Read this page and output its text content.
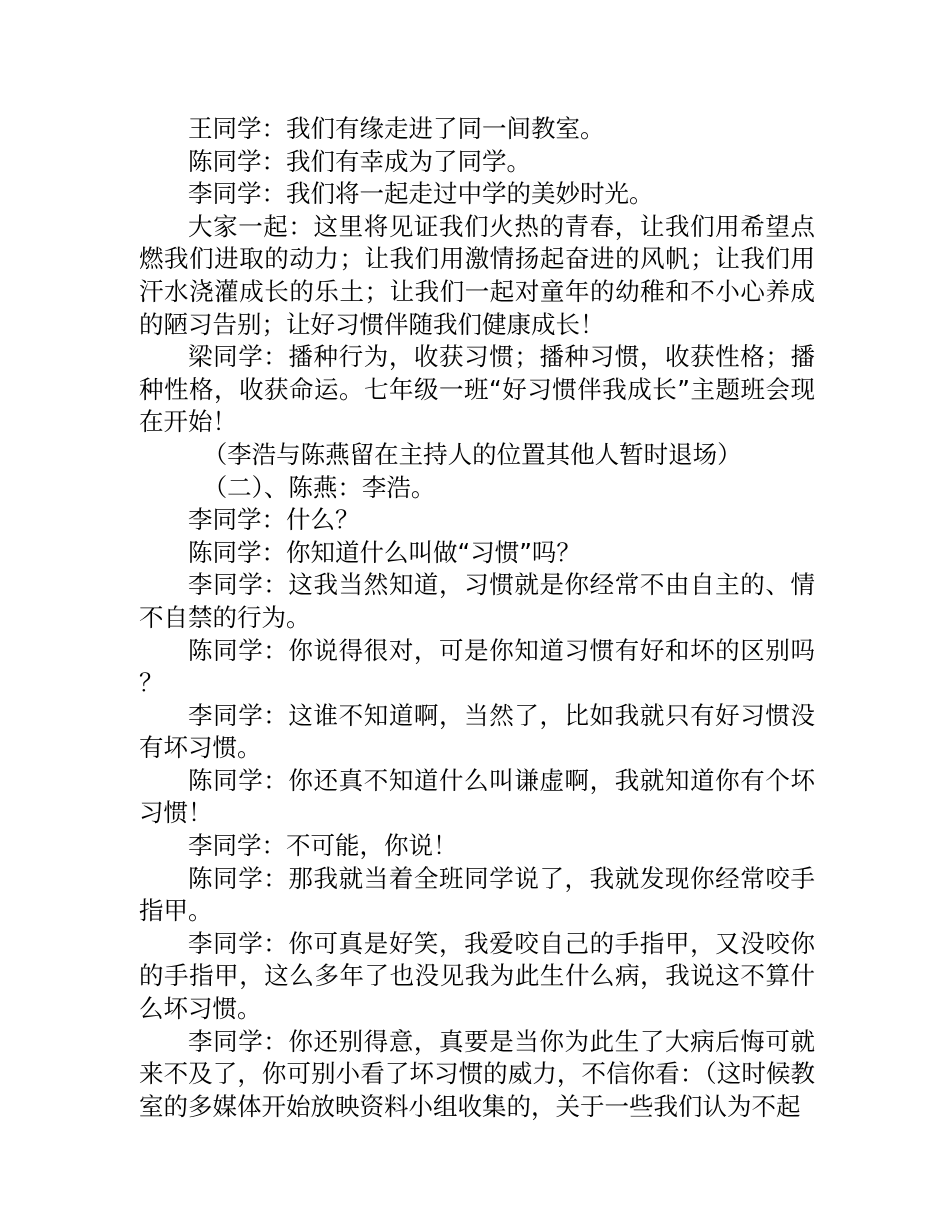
王同学：我们有缘走进了同一间教室。

陈同学：我们有幸成为了同学。

李同学：我们将一起走过中学的美妙时光。

大家一起：这里将见证我们火热的青春，让我们用希望点燃我们进取的动力；让我们用激情扬起奋进的风帆；让我们用汗水浇灌成长的乐土；让我们一起对童年的幼稚和不小心养成的陋习告别；让好习惯伴随我们健康成长！

梁同学：播种行为，收获习惯；播种习惯，收获性格；播种性格，收获命运。七年级一班“好习惯伴我成长”主题班会现在开始！

（李浩与陈燕留在主持人的位置其他人暂时退场）

（二）、陈燕：李浩。

李同学：什么？

陈同学：你知道什么叫做“习惯”吗？

李同学：这我当然知道，习惯就是你经常不由自主的、情不自禁的行为。

陈同学：你说得很对，可是你知道习惯有好和坏的区别吗？

李同学：这谁不知道啊，当然了，比如我就只有好习惯没有坏习惯。

陈同学：你还真不知道什么叫谦虚啊，我就知道你有个坏习惯！

李同学：不可能，你说！

陈同学：那我就当着全班同学说了，我就发现你经常咬手指甲。

李同学：你可真是好笑，我爱咬自己的手指甲，又没咬你的手指甲，这么多年了也没见我为此生什么病，我说这不算什么坏习惯。

李同学：你还别得意，真要是当你为此生了大病后悔可就来不及了，你可别小看了坏习惯的威力，不信你看：（这时候教室的多媒体开始放映资料小组收集的，关于一些我们认为不起
